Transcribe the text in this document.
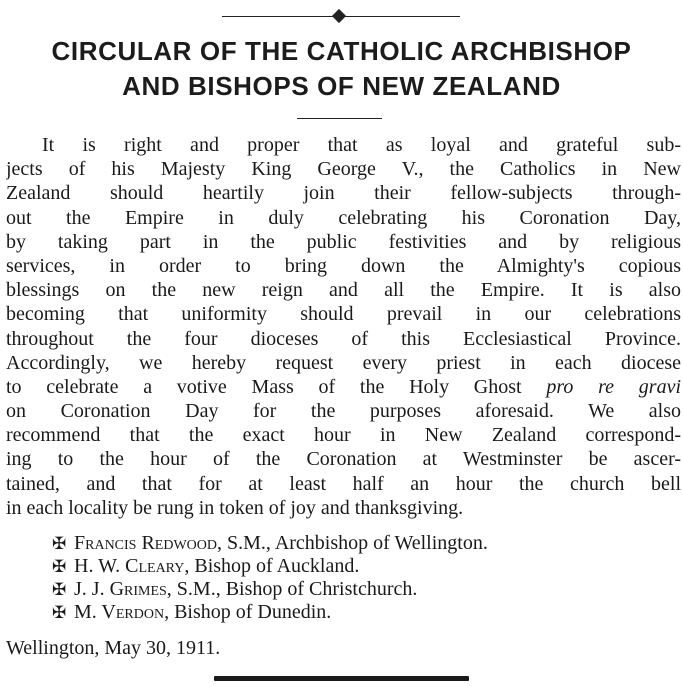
CIRCULAR OF THE CATHOLIC ARCHBISHOP
AND BISHOPS OF NEW ZEALAND
It is right and proper that as loyal and grateful sub-
jects of his Majesty King George V., the Catholics in New
Zealand should heartily join their fellow-subjects through-
out the Empire in duly celebrating his Coronation Day,
by taking part in the public festivities and by religious
services, in order to bring down the Almighty's copious
blessings on the new reign and all the Empire. It is also
becoming that uniformity should prevail in our celebrations
throughout the four dioceses of this Ecclesiastical Province.
Accordingly, we hereby request every priest in each diocese
to celebrate a votive Mass of the Holy Ghost pro re gravi
on Coronation Day for the purposes aforesaid. We also
recommend that the exact hour in New Zealand correspond-
ing to the hour of the Coronation at Westminster be ascer-
tained, and that for at least half an hour the church bell
in each locality be rung in token of joy and thanksgiving.
✠ Francis Redwood, S.M., Archbishop of Wellington.
✠ H. W. Cleary, Bishop of Auckland.
✠ J. J. Grimes, S.M., Bishop of Christchurch.
✠ M. Verdon, Bishop of Dunedin.
Wellington, May 30, 1911.
